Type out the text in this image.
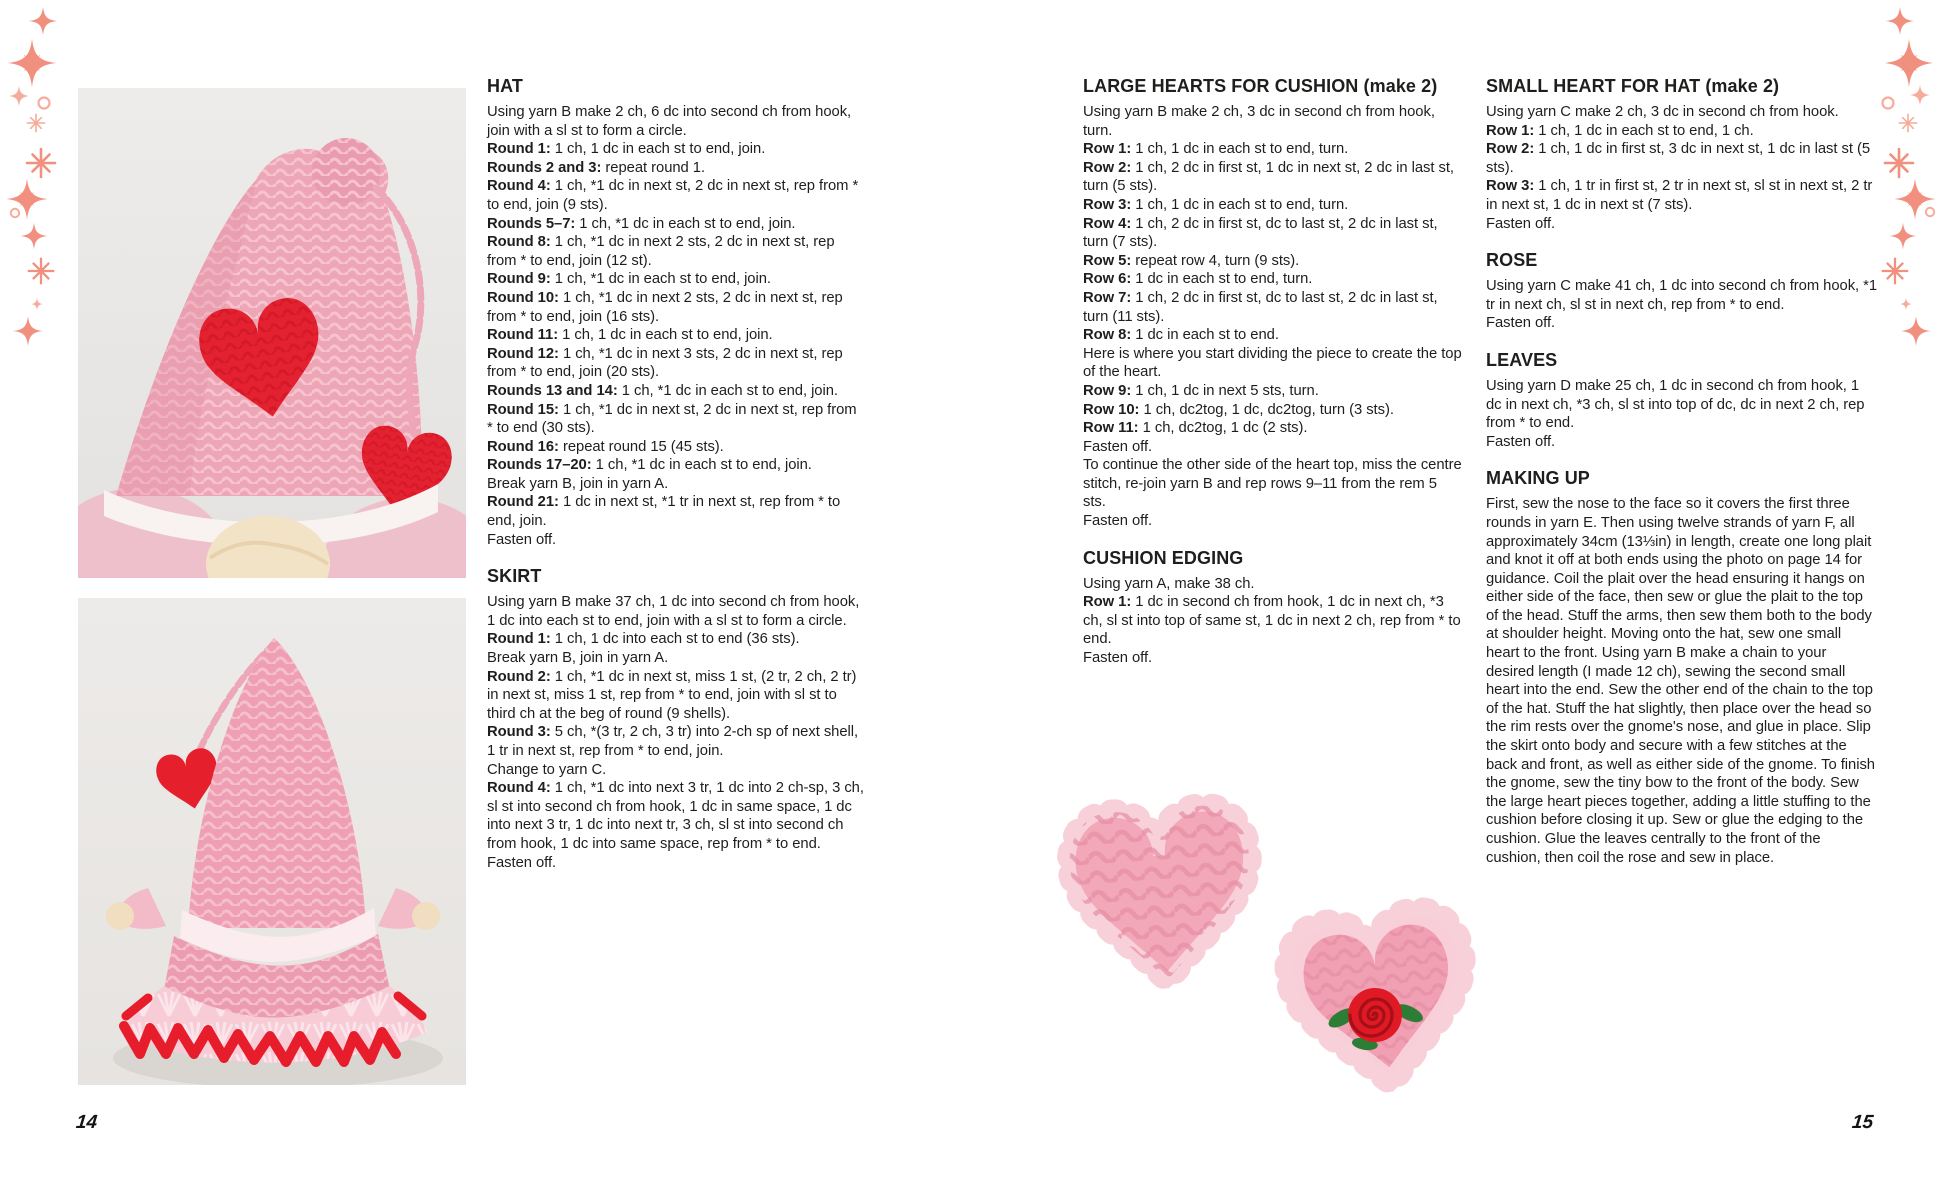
HAT

Using yarn B make 2 ch, 6 dc into second ch from hook, join with a sl st to form a circle.

Round 1: 1 ch, 1 dc in each st to end, join.

Rounds 2 and 3: repeat round 1.

Round 4: 1 ch, *1 dc in next st, 2 dc in next st, rep from * to end, join (9 sts).

Rounds 5–7: 1 ch, *1 dc in each st to end, join.

Round 8: 1 ch, *1 dc in next 2 sts, 2 dc in next st, rep from * to end, join (12 st).

Round 9: 1 ch, *1 dc in each st to end, join.

Round 10: 1 ch, *1 dc in next 2 sts, 2 dc in next st, rep from * to end, join (16 sts).

Round 11: 1 ch, 1 dc in each st to end, join.

Round 12: 1 ch, *1 dc in next 3 sts, 2 dc in next st, rep from * to end, join (20 sts).

Rounds 13 and 14: 1 ch, *1 dc in each st to end, join.

Round 15: 1 ch, *1 dc in next st, 2 dc in next st, rep from * to end (30 sts).

Round 16: repeat round 15 (45 sts).

Rounds 17–20: 1 ch, *1 dc in each st to end, join.

Break yarn B, join in yarn A.

Round 21: 1 dc in next st, *1 tr in next st, rep from * to end, join.

Fasten off.

SKIRT

Using yarn B make 37 ch, 1 dc into second ch from hook, 1 dc into each st to end, join with a sl st to form a circle.

Round 1: 1 ch, 1 dc into each st to end (36 sts).

Break yarn B, join in yarn A.

Round 2: 1 ch, *1 dc in next st, miss 1 st, (2 tr, 2 ch, 2 tr) in next st, miss 1 st, rep from * to end, join with sl st to third ch at the beg of round (9 shells).

Round 3: 5 ch, *(3 tr, 2 ch, 3 tr) into 2-ch sp of next shell, 1 tr in next st, rep from * to end, join.

Change to yarn C.

Round 4: 1 ch, *1 dc into next 3 tr, 1 dc into 2 ch-sp, 3 ch, sl st into second ch from hook, 1 dc in same space, 1 dc into next 3 tr, 1 dc into next tr, 3 ch, sl st into second ch from hook, 1 dc into same space, rep from * to end.

Fasten off.

LARGE HEARTS FOR CUSHION (make 2)

Using yarn B make 2 ch, 3 dc in second ch from hook, turn.

Row 1: 1 ch, 1 dc in each st to end, turn.

Row 2: 1 ch, 2 dc in first st, 1 dc in next st, 2 dc in last st, turn (5 sts).

Row 3: 1 ch, 1 dc in each st to end, turn.

Row 4: 1 ch, 2 dc in first st, dc to last st, 2 dc in last st, turn (7 sts).

Row 5: repeat row 4, turn (9 sts).

Row 6: 1 dc in each st to end, turn.

Row 7: 1 ch, 2 dc in first st, dc to last st, 2 dc in last st, turn (11 sts).

Row 8: 1 dc in each st to end.

Here is where you start dividing the piece to create the top of the heart.

Row 9: 1 ch, 1 dc in next 5 sts, turn.

Row 10: 1 ch, dc2tog, 1 dc, dc2tog, turn (3 sts).

Row 11: 1 ch, dc2tog, 1 dc (2 sts).

Fasten off.

To continue the other side of the heart top, miss the centre stitch, re-join yarn B and rep rows 9–11 from the rem 5 sts.

Fasten off.

CUSHION EDGING

Using yarn A, make 38 ch.

Row 1: 1 dc in second ch from hook, 1 dc in next ch, *3 ch, sl st into top of same st, 1 dc in next 2 ch, rep from * to end.

Fasten off.

SMALL HEART FOR HAT (make 2)

Using yarn C make 2 ch, 3 dc in second ch from hook.

Row 1: 1 ch, 1 dc in each st to end, 1 ch.

Row 2: 1 ch, 1 dc in first st, 3 dc in next st, 1 dc in last st (5 sts).

Row 3: 1 ch, 1 tr in first st, 2 tr in next st, sl st in next st, 2 tr in next st, 1 dc in next st (7 sts).

Fasten off.

ROSE

Using yarn C make 41 ch, 1 dc into second ch from hook, *1 tr in next ch, sl st in next ch, rep from * to end.

Fasten off.

LEAVES

Using yarn D make 25 ch, 1 dc in second ch from hook, 1 dc in next ch, *3 ch, sl st into top of dc, dc in next 2 ch, rep from * to end.

Fasten off.

MAKING UP

First, sew the nose to the face so it covers the first three rounds in yarn E. Then using twelve strands of yarn F, all approximately 34cm (13⅓in) in length, create one long plait and knot it off at both ends using the photo on page 14 for guidance. Coil the plait over the head ensuring it hangs on either side of the face, then sew or glue the plait to the top of the head. Stuff the arms, then sew them both to the body at shoulder height. Moving onto the hat, sew one small heart to the front. Using yarn B make a chain to your desired length (I made 12 ch), sewing the second small heart into the end. Sew the other end of the chain to the top of the hat. Stuff the hat slightly, then place over the head so the rim rests over the gnome's nose, and glue in place. Slip the skirt onto body and secure with a few stitches at the back and front, as well as either side of the gnome. To finish the gnome, sew the tiny bow to the front of the body. Sew the large heart pieces together, adding a little stuffing to the cushion before closing it up. Sew or glue the edging to the cushion. Glue the leaves centrally to the front of the cushion, then coil the rose and sew in place.

14	15
